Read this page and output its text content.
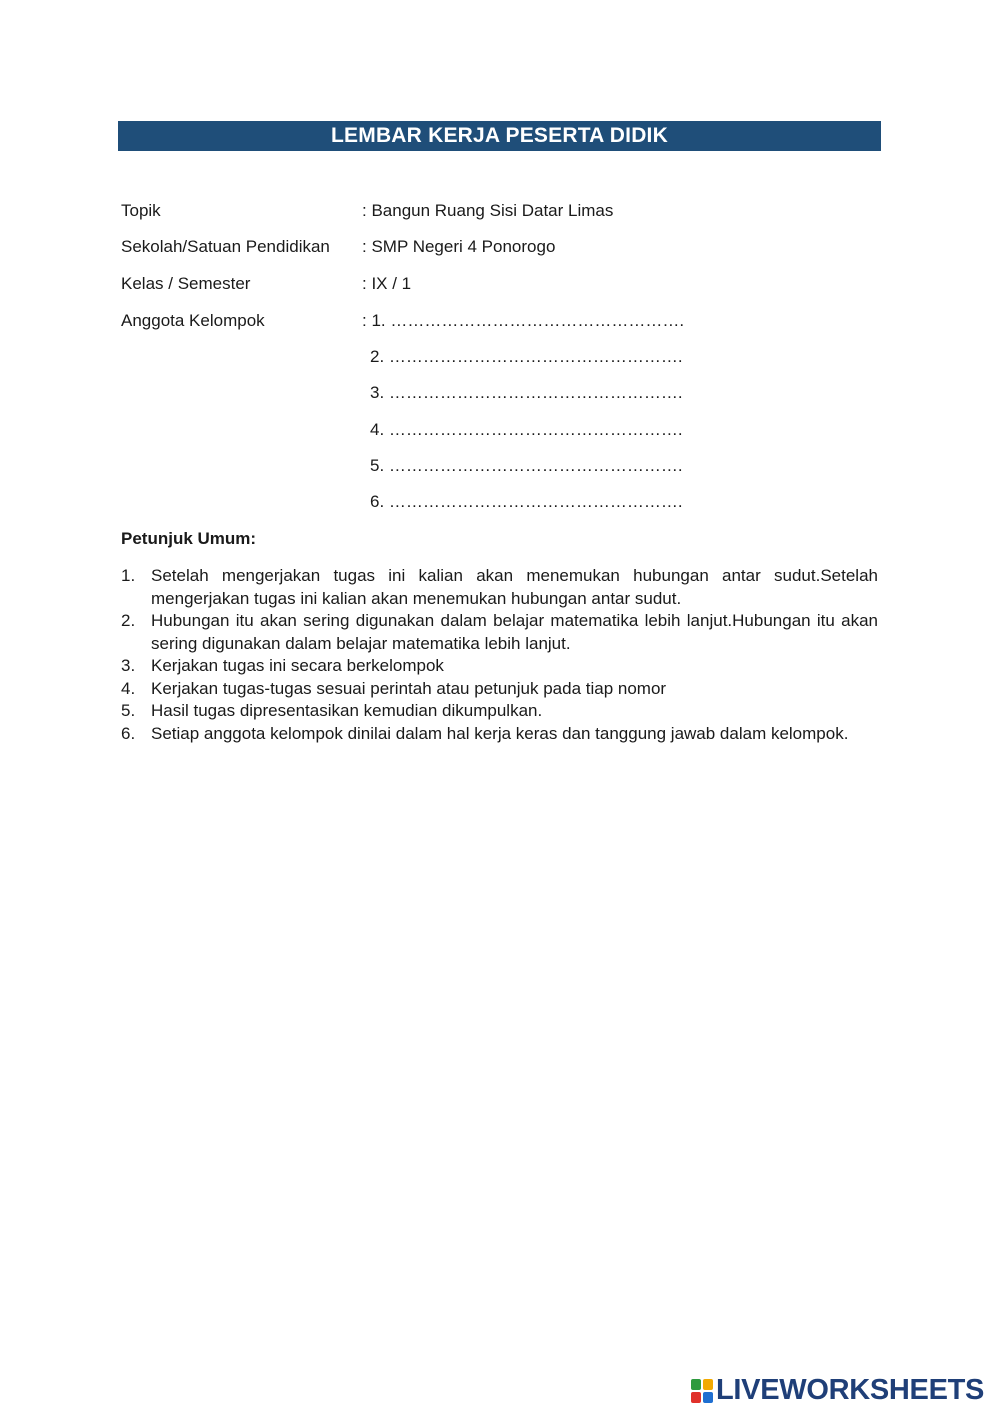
LEMBAR KERJA PESERTA DIDIK
Topik	: Bangun Ruang Sisi Datar Limas
Sekolah/Satuan Pendidikan : SMP Negeri 4 Ponorogo
Kelas / Semester	: IX / 1
Anggota Kelompok	: 1. …………………………………………….
2. …………………………………………….
3. …………………………………………….
4. …………………………………………….
5. …………………………………………….
6. …………………………………………….
Petunjuk Umum:
1. Setelah mengerjakan tugas ini kalian akan menemukan hubungan antar sudut.Setelah mengerjakan tugas ini kalian akan menemukan hubungan antar sudut.
2. Hubungan itu akan sering digunakan dalam belajar matematika lebih lanjut.Hubungan itu akan sering digunakan dalam belajar matematika lebih lanjut.
3. Kerjakan tugas ini secara berkelompok
4. Kerjakan tugas-tugas sesuai perintah atau petunjuk pada tiap nomor
5. Hasil tugas dipresentasikan kemudian dikumpulkan.
6. Setiap anggota kelompok dinilai dalam hal kerja keras dan tanggung jawab dalam kelompok.
LIVEWORKSHEETS
